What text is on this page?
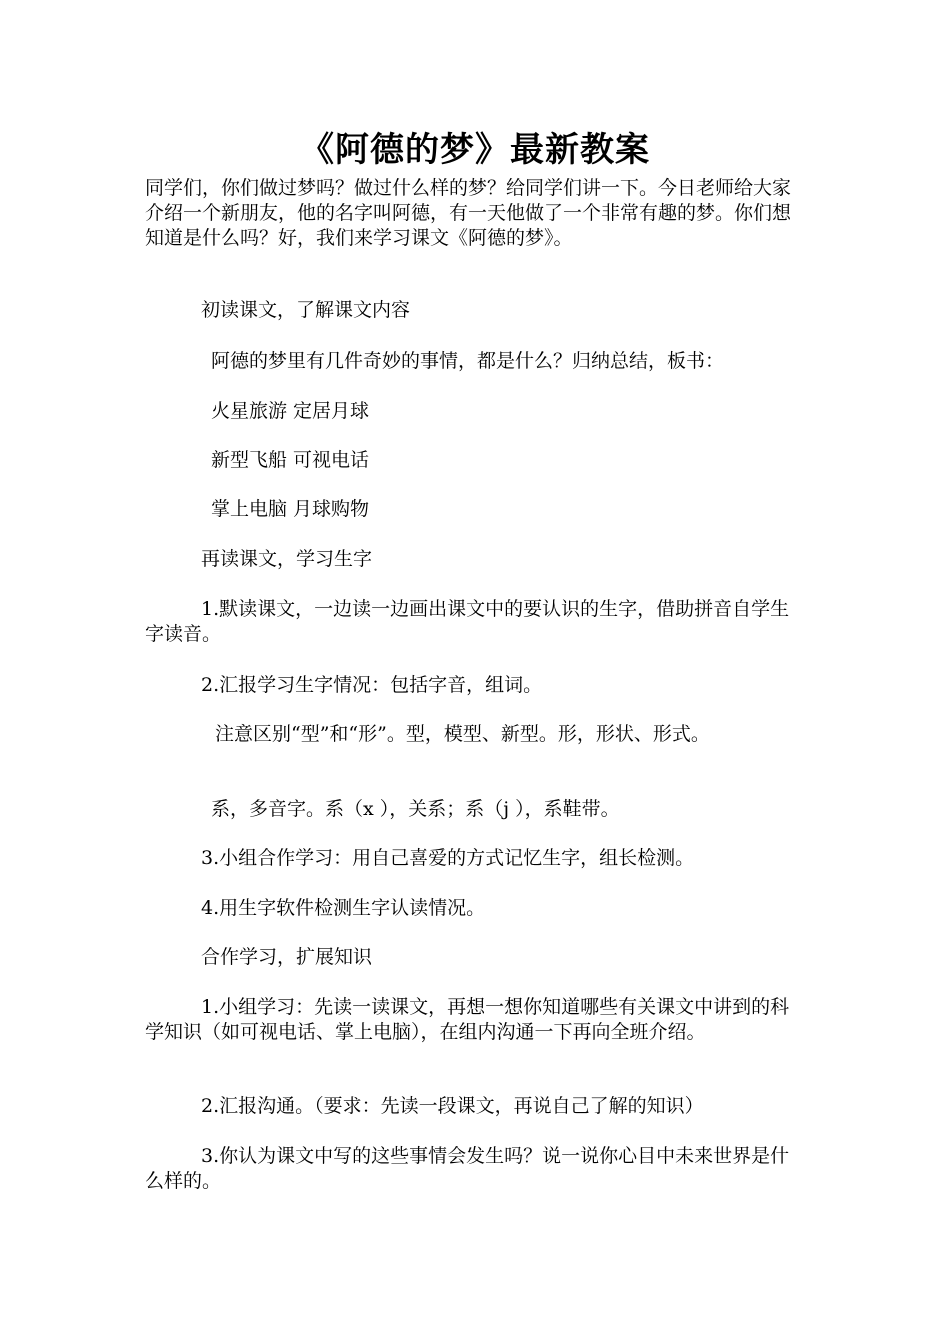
《阿德的梦》最新教案
同学们，你们做过梦吗？做过什么样的梦？给同学们讲一下。今日老师给大家介绍一个新朋友，他的名字叫阿德，有一天他做了一个非常有趣的梦。你们想知道是什么吗？好，我们来学习课文《阿德的梦》。
初读课文，了解课文内容
阿德的梦里有几件奇妙的事情，都是什么？归纳总结，板书：
火星旅游 定居月球
新型飞船 可视电话
掌上电脑 月球购物
再读课文，学习生字
1.默读课文，一边读一边画出课文中的要认识的生字，借助拼音自学生字读音。
2.汇报学习生字情况：包括字音，组词。
注意区别“型”和“形”。型，模型、新型。形，形状、形式。
系，多音字。系（x ），关系；系（j ），系鞋带。
3.小组合作学习：用自己喜爱的方式记忆生字，组长检测。
4.用生字软件检测生字认读情况。
合作学习，扩展知识
1.小组学习：先读一读课文，再想一想你知道哪些有关课文中讲到的科学知识（如可视电话、掌上电脑），在组内沟通一下再向全班介绍。
2.汇报沟通。（要求：先读一段课文，再说自己了解的知识）
3.你认为课文中写的这些事情会发生吗？说一说你心目中未来世界是什么样的。
